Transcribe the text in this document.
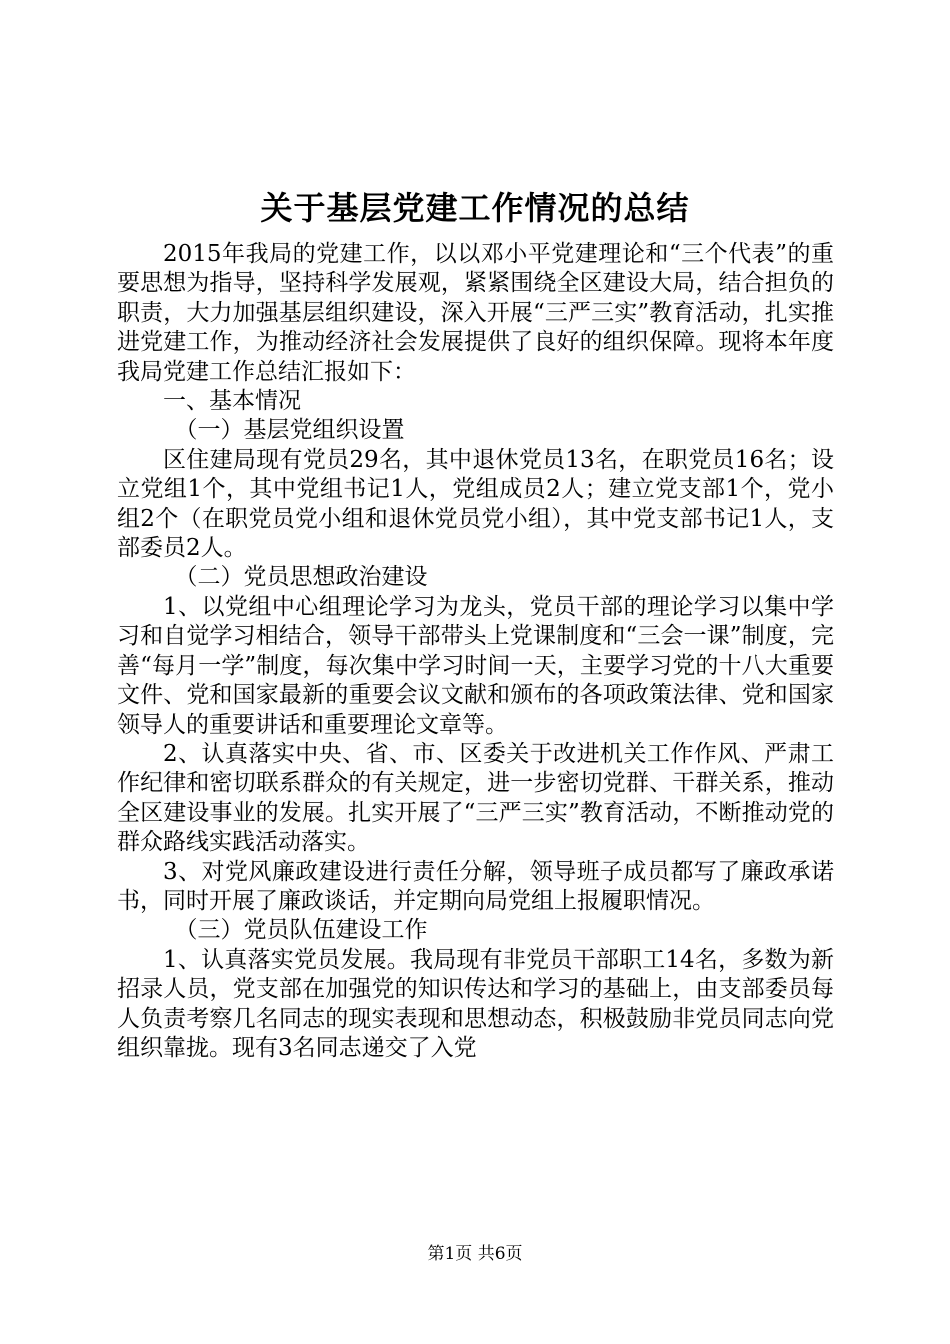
关于基层党建工作情况的总结

2015年我局的党建工作，以以邓小平党建理论和“三个代表”的重要思想为指导，坚持科学发展观，紧紧围绕全区建设大局，结合担负的职责，大力加强基层组织建设，深入开展“三严三实”教育活动，扎实推进党建工作，为推动经济社会发展提供了良好的组织保障。现将本年度我局党建工作总结汇报如下：

一、基本情况

（一）基层党组织设置

区住建局现有党员29名，其中退休党员13名，在职党员16名；设立党组1个，其中党组书记1人，党组成员2人；建立党支部1个，党小组2个（在职党员党小组和退休党员党小组），其中党支部书记1人，支部委员2人。

（二）党员思想政治建设

1、以党组中心组理论学习为龙头，党员干部的理论学习以集中学习和自觉学习相结合，领导干部带头上党课制度和“三会一课”制度，完善“每月一学”制度，每次集中学习时间一天，主要学习党的十八大重要文件、党和国家最新的重要会议文献和颁布的各项政策法律、党和国家领导人的重要讲话和重要理论文章等。

2、认真落实中央、省、市、区委关于改进机关工作作风、严肃工作纪律和密切联系群众的有关规定，进一步密切党群、干群关系，推动全区建设事业的发展。扎实开展了“三严三实”教育活动，不断推动党的群众路线实践活动落实。

3、对党风廉政建设进行责任分解，领导班子成员都写了廉政承诺书，同时开展了廉政谈话，并定期向局党组上报履职情况。

（三）党员队伍建设工作

1、认真落实党员发展。我局现有非党员干部职工14名，多数为新招录人员，党支部在加强党的知识传达和学习的基础上，由支部委员每人负责考察几名同志的现实表现和思想动态，积极鼓励非党员同志向党组织靠拢。现有3名同志递交了入党

第1页 共6页
